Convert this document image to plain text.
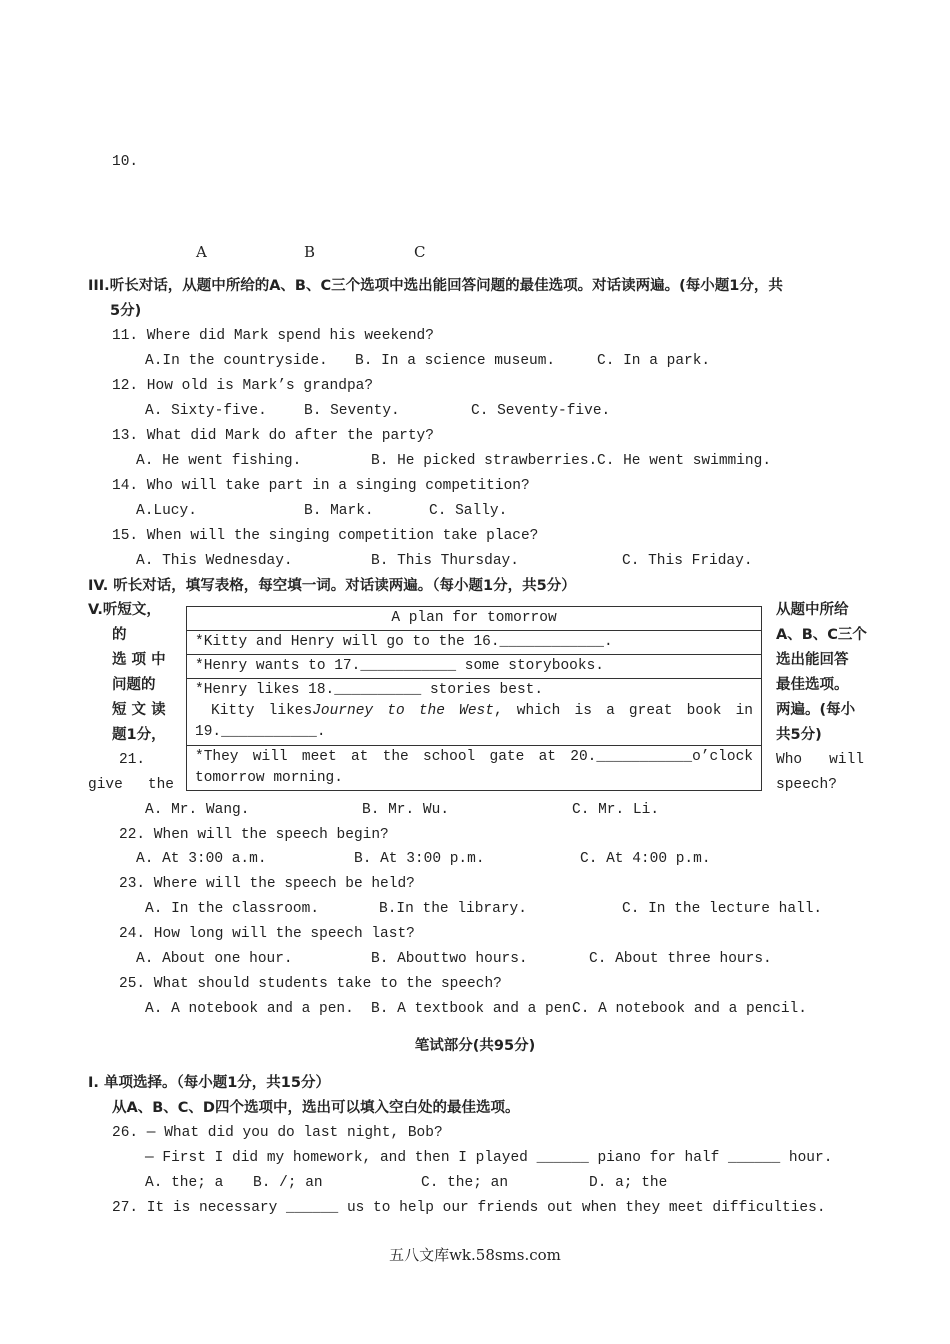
10.
A	B	C
III.听长对话，从题中所给的A、B、C三个选项中选出能回答问题的最佳选项。对话读两遍。(每小题1分，共
5分)
11. Where did Mark spend his weekend?
A.In the countryside. B. In a science museum.	C. In a park.
12. How old is Mark’s grandpa?
A. Sixty-five.	B. Seventy.	C. Seventy-five.
13. What did Mark do after the party?
A. He went fishing.	B. He picked strawberries. C. He went swimming.
14. Who will take part in a singing competition?
A.Lucy.	B. Mark.	C. Sally.
15. When will the singing competition take place?
A. This Wednesday.	B. This Thursday.	C. This Friday.
IV. 听长对话，填写表格，每空填一词。对话读两遍。（每小题1分，共5分）
V.听短文，
的
选 项 中
问题的
短 文 读
题1分，
从题中所给
A、B、C三个
选出能回答
最佳选项。
两遍。(每小
共5分)
A plan for tomorrow
*Kitty and Henry will go to the 16.____________.
*Henry wants to 17.___________ some storybooks.
*Henry likes 18.__________ stories best.
Kitty likesJourney to the West, which is a great book in
19.___________.
*They will meet at the school gate at 20.___________o’clock
tomorrow morning.
21.	Who will
give the	speech?
A. Mr. Wang.	B. Mr. Wu.	C. Mr. Li.
22. When will the speech begin?
A. At 3:00 a.m.	B. At 3:00 p.m.	C. At 4:00 p.m.
23. Where will the speech be held?
A. In the classroom.	B.In the library.	C. In the lecture hall.
24. How long will the speech last?
A. About one hour.	B. Abouttwo hours.	C. About three hours.
25. What should students take to the speech?
A. A notebook and a pen. B. A textbook and a pen.
C. A notebook and a pencil.
笔试部分(共95分)
I. 单项选择。（每小题1分，共15分）
从A、B、C、D四个选项中，选出可以填入空白处的最佳选项。
26. — What did you do last night, Bob?
— First I did my homework, and then I played ______ piano for half ______ hour.
A. the; a B. /; an	C. the; an	D. a; the
27. It is necessary ______ us to help our friends out when they meet difficulties.
五八文库wk.58sms.com
